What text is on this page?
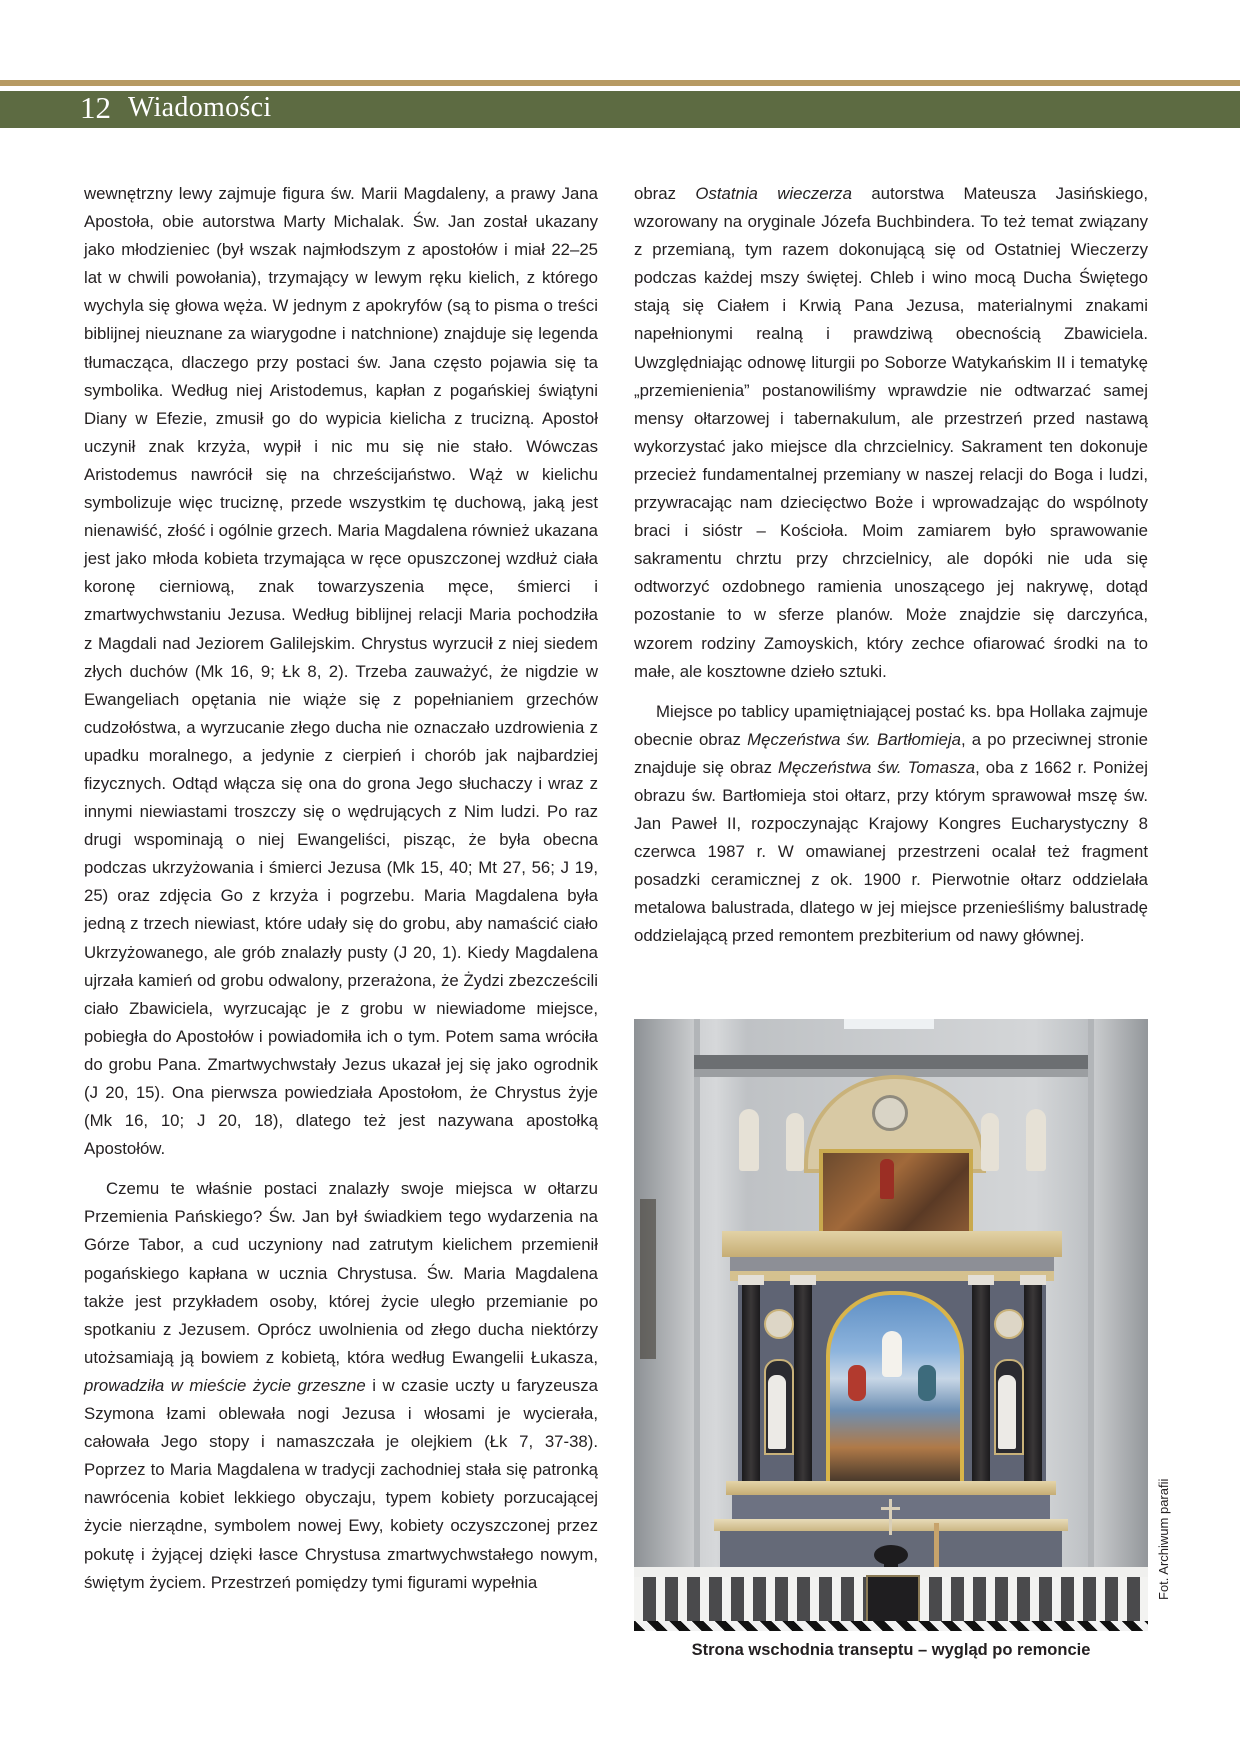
12 Wiadomości

wewnętrzny lewy zajmuje figura św. Marii Magdaleny, a prawy Jana Apostoła, obie autorstwa Marty Michalak. Św. Jan został ukazany jako młodzieniec (był wszak najmłodszym z apostołów i miał 22–25 lat w chwili powołania), trzymający w lewym ręku kielich, z którego wychyla się głowa węża. W jednym z apokryfów (są to pisma o treści biblijnej nieuznane za wiarygodne i natchnione) znajduje się legenda tłumacząca, dlaczego przy postaci św. Jana często pojawia się ta symbolika. Według niej Aristodemus, kapłan z pogańskiej świątyni Diany w Efezie, zmusił go do wypicia kielicha z trucizną. Apostoł uczynił znak krzyża, wypił i nic mu się nie stało. Wówczas Aristodemus nawrócił się na chrześcijaństwo. Wąż w kielichu symbolizuje więc truciznę, przede wszystkim tę duchową, jaką jest nienawiść, złość i ogólnie grzech. Maria Magdalena również ukazana jest jako młoda kobieta trzymająca w ręce opuszczonej wzdłuż ciała koronę cierniową, znak towarzyszenia męce, śmierci i zmartwychwstaniu Jezusa. Według biblijnej relacji Maria pochodziła z Magdali nad Jeziorem Galilejskim. Chrystus wyrzucił z niej siedem złych duchów (Mk 16, 9; Łk 8, 2). Trzeba zauważyć, że nigdzie w Ewangeliach opętania nie wiąże się z popełnianiem grzechów cudzołóstwa, a wyrzucanie złego ducha nie oznaczało uzdrowienia z upadku moralnego, a jedynie z cierpień i chorób jak najbardziej fizycznych. Odtąd włącza się ona do grona Jego słuchaczy i wraz z innymi niewiastami troszczy się o wędrujących z Nim ludzi. Po raz drugi wspominają o niej Ewangeliści, pisząc, że była obecna podczas ukrzyżowania i śmierci Jezusa (Mk 15, 40; Mt 27, 56; J 19, 25) oraz zdjęcia Go z krzyża i pogrzebu. Maria Magdalena była jedną z trzech niewiast, które udały się do grobu, aby namaścić ciało Ukrzyżowanego, ale grób znalazły pusty (J 20, 1). Kiedy Magdalena ujrzała kamień od grobu odwalony, przerażona, że Żydzi zbezcześcili ciało Zbawiciela, wyrzucając je z grobu w niewiadome miejsce, pobiegła do Apostołów i powiadomiła ich o tym. Potem sama wróciła do grobu Pana. Zmartwychwstały Jezus ukazał jej się jako ogrodnik (J 20, 15). Ona pierwsza powiedziała Apostołom, że Chrystus żyje (Mk 16, 10; J 20, 18), dlatego też jest nazywana apostołką Apostołów.

Czemu te właśnie postaci znalazły swoje miejsca w ołtarzu Przemienia Pańskiego? Św. Jan był świadkiem tego wydarzenia na Górze Tabor, a cud uczyniony nad zatrutym kielichem przemienił pogańskiego kapłana w ucznia Chrystusa. Św. Maria Magdalena także jest przykładem osoby, której życie uległo przemianie po spotkaniu z Jezusem. Oprócz uwolnienia od złego ducha niektórzy utożsamiają ją bowiem z kobietą, która według Ewangelii Łukasza, prowadziła w mieście życie grzeszne i w czasie uczty u faryzeusza Szymona łzami oblewała nogi Jezusa i włosami je wycierała, całowała Jego stopy i namaszczała je olejkiem (Łk 7, 37-38). Poprzez to Maria Magdalena w tradycji zachodniej stała się patronką nawrócenia kobiet lekkiego obyczaju, typem kobiety porzucającej życie nierządne, symbolem nowej Ewy, kobiety oczyszczonej przez pokutę i żyjącej dzięki łasce Chrystusa zmartwychwstałego nowym, świętym życiem. Przestrzeń pomiędzy tymi figurami wypełnia

obraz Ostatnia wieczerza autorstwa Mateusza Jasińskiego, wzorowany na oryginale Józefa Buchbindera. To też temat związany z przemianą, tym razem dokonującą się od Ostatniej Wieczerzy podczas każdej mszy świętej. Chleb i wino mocą Ducha Świętego stają się Ciałem i Krwią Pana Jezusa, materialnymi znakami napełnionymi realną i prawdziwą obecnością Zbawiciela. Uwzględniając odnowę liturgii po Soborze Watykańskim II i tematykę „przemienienia” postanowiliśmy wprawdzie nie odtwarzać samej mensy ołtarzowej i tabernakulum, ale przestrzeń przed nastawą wykorzystać jako miejsce dla chrzcielnicy. Sakrament ten dokonuje przecież fundamentalnej przemiany w naszej relacji do Boga i ludzi, przywracając nam dziecięctwo Boże i wprowadzając do wspólnoty braci i sióstr – Kościoła. Moim zamiarem było sprawowanie sakramentu chrztu przy chrzcielnicy, ale dopóki nie uda się odtworzyć ozdobnego ramienia unoszącego jej nakrywę, dotąd pozostanie to w sferze planów. Może znajdzie się darczyńca, wzorem rodziny Zamoyskich, który zechce ofiarować środki na to małe, ale kosztowne dzieło sztuki.

Miejsce po tablicy upamiętniającej postać ks. bpa Hollaka zajmuje obecnie obraz Męczeństwa św. Bartłomieja, a po przeciwnej stronie znajduje się obraz Męczeństwa św. Tomasza, oba z 1662 r. Poniżej obrazu św. Bartłomieja stoi ołtarz, przy którym sprawował mszę św. Jan Paweł II, rozpoczynając Krajowy Kongres Eucharystyczny 8 czerwca 1987 r. W omawianej przestrzeni ocalał też fragment posadzki ceramicznej z ok. 1900 r. Pierwotnie ołtarz oddzielała metalowa balustrada, dlatego w jej miejsce przenieśliśmy balustradę oddzielającą przed remontem prezbiterium od nawy głównej.

Strona wschodnia transeptu – wygląd po remoncie
Fot. Archiwum parafii
